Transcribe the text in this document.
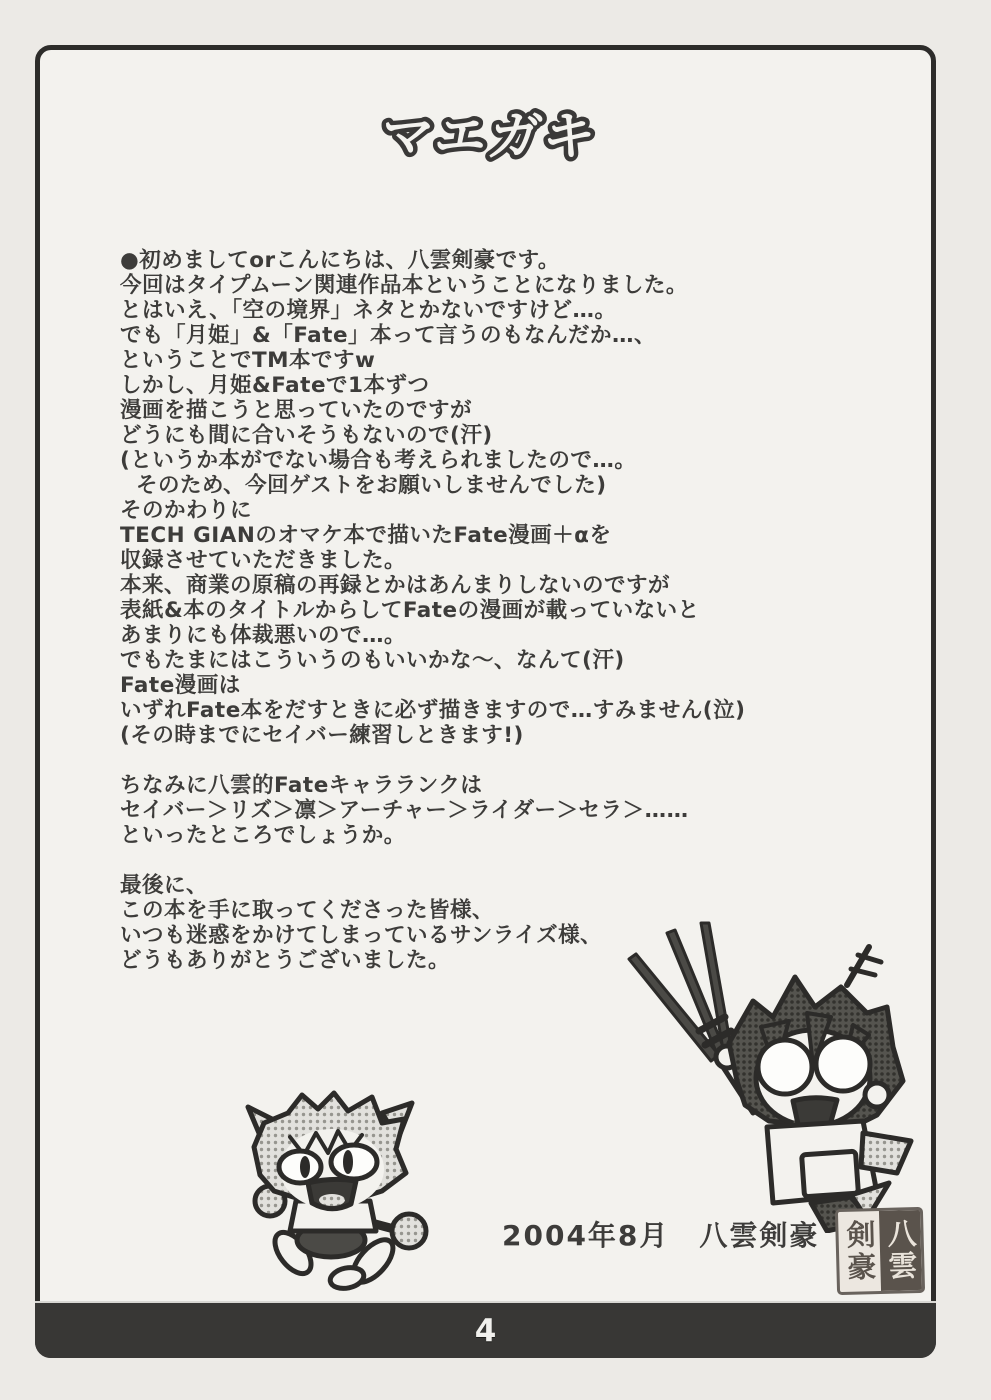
マエガキ
●初めましてorこんにちは、八雲剣豪です。
今回はタイプムーン関連作品本ということになりました。
とはいえ、「空の境界」ネタとかないですけど…。
でも「月姫」&「Fate」本って言うのもなんだか…、
ということでTM本ですw
しかし、月姫&Fateで1本ずつ
漫画を描こうと思っていたのですが
どうにも間に合いそうもないので(汗)
(というか本がでない場合も考えられましたので…。
そのため、今回ゲストをお願いしませんでした)
そのかわりに
TECH GIANのオマケ本で描いたFate漫画＋αを
収録させていただきました。
本来、商業の原稿の再録とかはあんまりしないのですが
表紙&本のタイトルからしてFateの漫画が載っていないと
あまりにも体裁悪いので…。
でもたまにはこういうのもいいかな～、なんて(汗)
Fate漫画は
いずれFate本をだすときに必ず描きますので…すみません(泣)
(その時までにセイバー練習しときます!)
ちなみに八雲的Fateキャラランクは
セイバー＞リズ＞凛＞アーチャー＞ライダー＞セラ＞……
といったところでしょうか。
最後に、
この本を手に取ってくださった皆様、
いつも迷惑をかけてしまっているサンライズ様、
どうもありがとうございました。
2004年8月　八雲剣豪 剣豪 八雲
4
